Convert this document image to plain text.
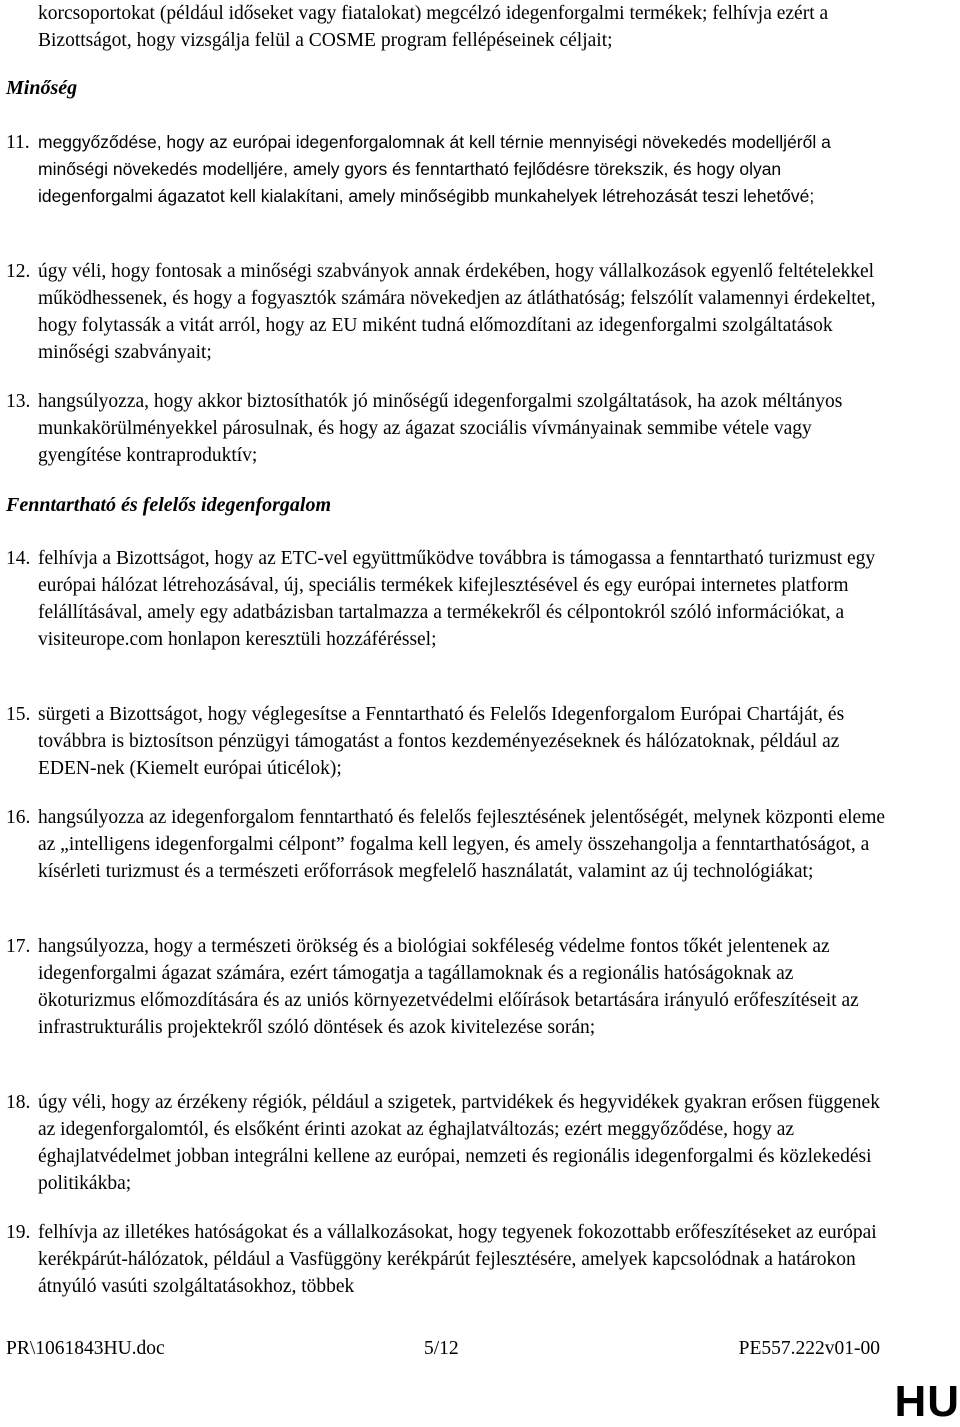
korcsoportokat (például időseket vagy fiatalokat) megcélzó idegenforgalmi termékek; felhívja ezért a Bizottságot, hogy vizsgálja felül a COSME program fellépéseinek céljait;

Minőség
11. meggyőződése, hogy az európai idegenforgalomnak át kell térnie mennyiségi növekedés modelljéről a minőségi növekedés modelljére, amely gyors és fenntartható fejlődésre törekszik, és hogy olyan idegenforgalmi ágazatot kell kialakítani, amely minőségibb munkahelyek létrehozását teszi lehetővé;
12. úgy véli, hogy fontosak a minőségi szabványok annak érdekében, hogy vállalkozások egyenlő feltételekkel működhessenek, és hogy a fogyasztók számára növekedjen az átláthatóság; felszólít valamennyi érdekeltet, hogy folytassák a vitát arról, hogy az EU miként tudná előmozdítani az idegenforgalmi szolgáltatások minőségi szabványait;
13. hangsúlyozza, hogy akkor biztosíthatók jó minőségű idegenforgalmi szolgáltatások, ha azok méltányos munkakörülményekkel párosulnak, és hogy az ágazat szociális vívmányainak semmibe vétele vagy gyengítése kontraproduktív;
Fenntartható és felelős idegenforgalom
14. felhívja a Bizottságot, hogy az ETC-vel együttműködve továbbra is támogassa a fenntartható turizmust egy európai hálózat létrehozásával, új, speciális termékek kifejlesztésével és egy európai internetes platform felállításával, amely egy adatbázisban tartalmazza a termékekről és célpontokról szóló információkat, a visiteurope.com honlapon keresztüli hozzáféréssel;
15. sürgeti a Bizottságot, hogy véglegesítse a Fenntartható és Felelős Idegenforgalom Európai Chartáját, és továbbra is biztosítson pénzügyi támogatást a fontos kezdeményezéseknek és hálózatoknak, például az EDEN-nek (Kiemelt európai úticélok);
16. hangsúlyozza az idegenforgalom fenntartható és felelős fejlesztésének jelentőségét, melynek központi eleme az „intelligens idegenforgalmi célpont” fogalma kell legyen, és amely összehangolja a fenntarthatóságot, a kísérleti turizmust és a természeti erőforrások megfelelő használatát, valamint az új technológiákat;
17. hangsúlyozza, hogy a természeti örökség és a biológiai sokféleség védelme fontos tőkét jelentenek az idegenforgalmi ágazat számára, ezért támogatja a tagállamoknak és a regionális hatóságoknak az ökoturizmus előmozdítására és az uniós környezetvédelmi előírások betartására irányuló erőfeszítéseit az infrastrukturális projektekről szóló döntések és azok kivitelezése során;
18. úgy véli, hogy az érzékeny régiók, például a szigetek, partvidékek és hegyvidékek gyakran erősen függenek az idegenforgalomtól, és elsőként érinti azokat az éghajlatváltozás; ezért meggyőződése, hogy az éghajlatvédelmet jobban integrálni kellene az európai, nemzeti és regionális idegenforgalmi és közlekedési politikákba;
19. felhívja az illetékes hatóságokat és a vállalkozásokat, hogy tegyenek fokozottabb erőfeszítéseket az európai kerékpárút-hálózatok, például a Vasfüggöny kerékpárút fejlesztésére, amelyek kapcsolódnak a határokon átnyúló vasúti szolgáltatásokhoz, többek
PR\1061843HU.doc	5/12	PE557.222v01-00
HU
